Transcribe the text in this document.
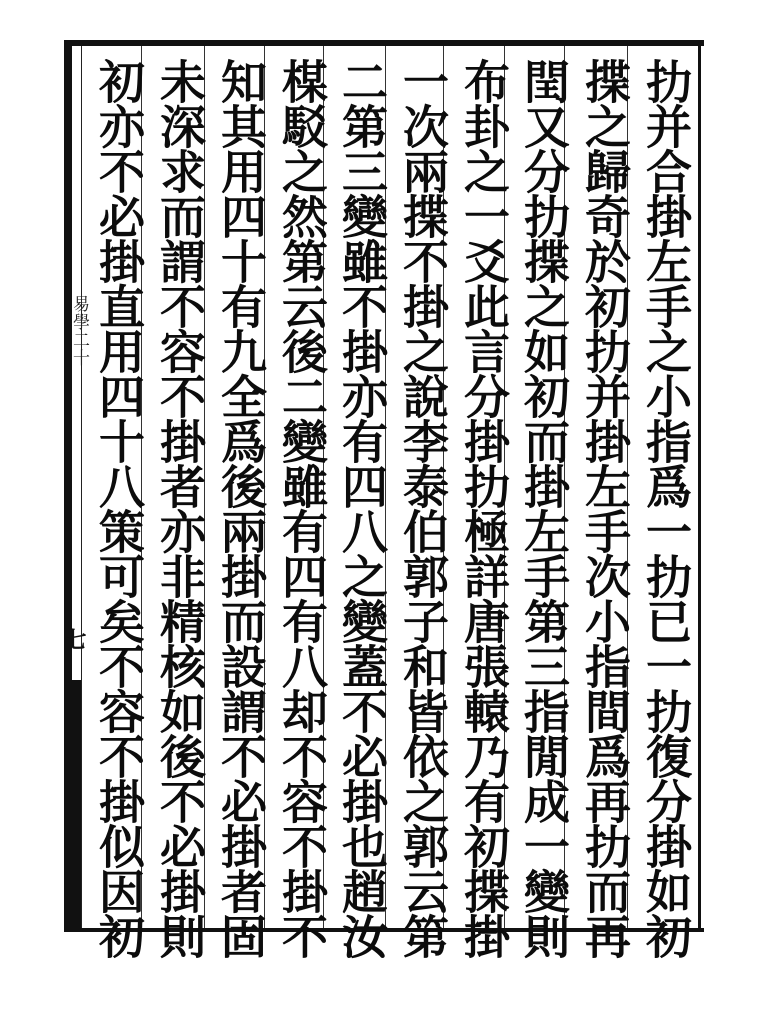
易學二十
七	扐并合掛左手之小指爲一扐已一扐復分掛如初
揲之歸奇於初扐并掛左手次小指間爲再扐而再
閏又分扐揲之如初而掛左手第三指閒成一變則
布卦之一爻此言分掛扐極詳唐張轅乃有初揲掛
一次兩揲不掛之說李泰伯郭子和皆依之郭云第
二第三變雖不掛亦有四八之變蓋不必掛也趙汝
楳駁之然第云後二變雖有四有八却不容不掛不
知其用四十有九全爲後兩掛而設謂不必掛者固
未深求而謂不容不掛者亦非精核如後不必掛則
初亦不必掛直用四十八策可矣不容不掛似因初
